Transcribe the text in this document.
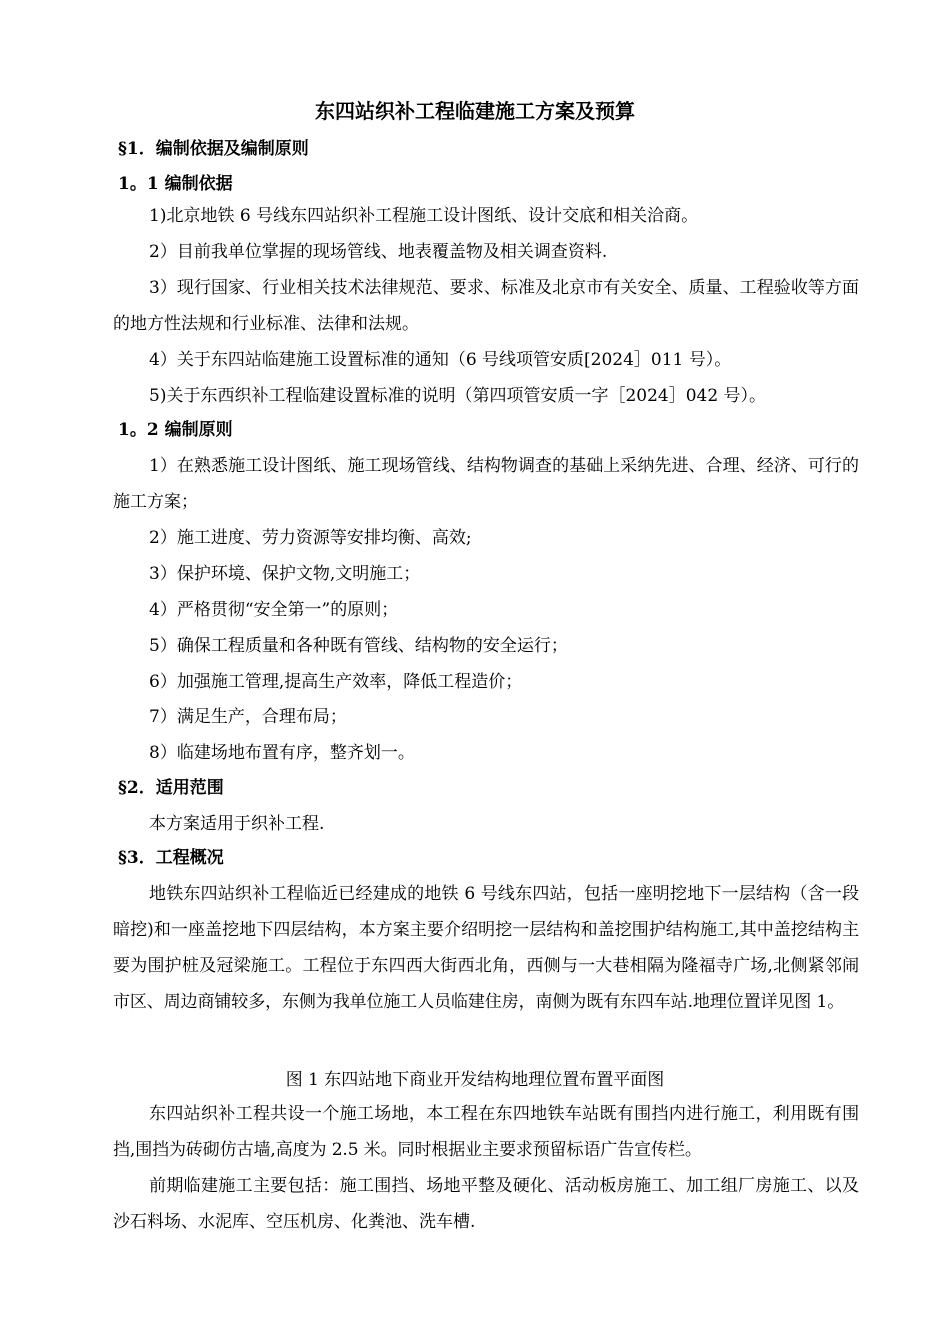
东四站织补工程临建施工方案及预算
§1．编制依据及编制原则
1。1 编制依据

1)北京地铁 6 号线东四站织补工程施工设计图纸、设计交底和相关洽商。

2）目前我单位掌握的现场管线、地表覆盖物及相关调查资料.

3）现行国家、行业相关技术法律规范、要求、标准及北京市有关安全、质量、工程验收等方面的地方性法规和行业标准、法律和法规。

4）关于东四站临建施工设置标准的通知（6 号线项管安质[2024］011 号）。

5)关于东西织补工程临建设置标准的说明（第四项管安质一字［2024］042 号）。

1。2 编制原则

1）在熟悉施工设计图纸、施工现场管线、结构物调查的基础上采纳先进、合理、经济、可行的施工方案；

2）施工进度、劳力资源等安排均衡、高效;

3）保护环境、保护文物,文明施工；

4）严格贯彻“安全第一”的原则；

5）确保工程质量和各种既有管线、结构物的安全运行；

6）加强施工管理,提高生产效率，降低工程造价；

7）满足生产，合理布局；

8）临建场地布置有序，整齐划一。

§2．适用范围

本方案适用于织补工程.

§3．工程概况

地铁东四站织补工程临近已经建成的地铁 6 号线东四站，包括一座明挖地下一层结构（含一段暗挖)和一座盖挖地下四层结构，本方案主要介绍明挖一层结构和盖挖围护结构施工,其中盖挖结构主要为围护桩及冠梁施工。工程位于东四西大街西北角，西侧与一大巷相隔为隆福寺广场,北侧紧邻闹市区、周边商铺较多，东侧为我单位施工人员临建住房，南侧为既有东四车站.地理位置详见图 1。

图 1 东四站地下商业开发结构地理位置布置平面图

东四站织补工程共设一个施工场地，本工程在东四地铁车站既有围挡内进行施工，利用既有围挡,围挡为砖砌仿古墙,高度为 2.5 米。同时根据业主要求预留标语广告宣传栏。

前期临建施工主要包括：施工围挡、场地平整及硬化、活动板房施工、加工组厂房施工、以及沙石料场、水泥库、空压机房、化粪池、洗车槽.
